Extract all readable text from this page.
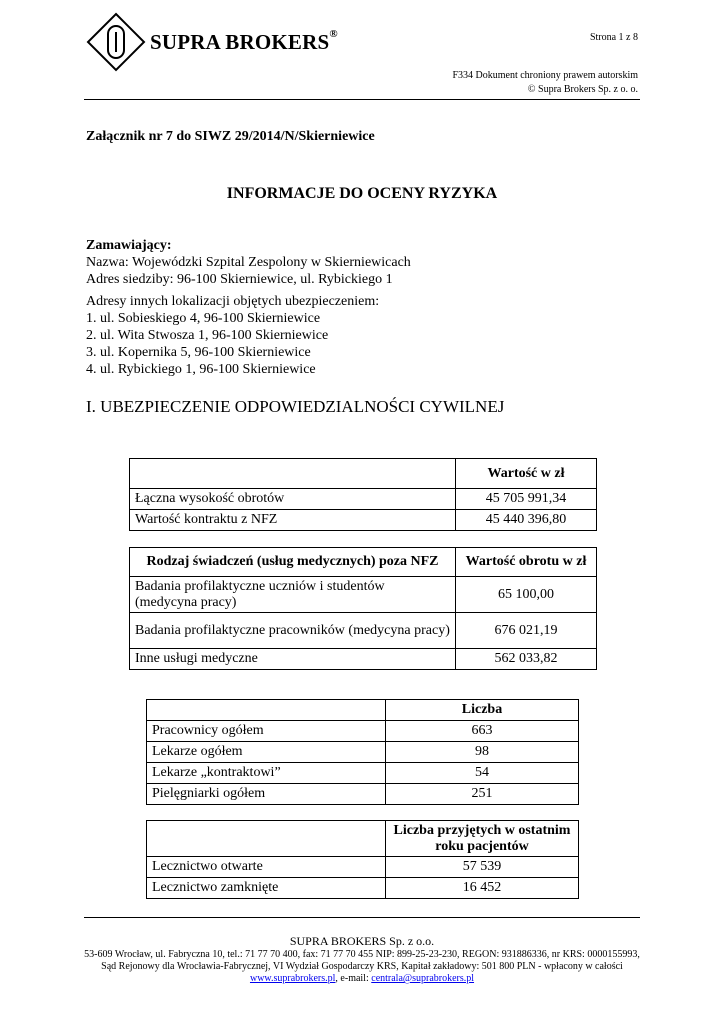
SUPRA BROKERS®	Strona 1 z 8
F334 Dokument chroniony prawem autorskim
© Supra Brokers Sp. z o. o.
Załącznik nr 7 do SIWZ 29/2014/N/Skierniewice
INFORMACJE DO OCENY RYZYKA
Zamawiający:
Nazwa: Wojewódzki Szpital Zespolony w Skierniewicach
Adres siedziby: 96-100 Skierniewice, ul. Rybickiego 1
Adresy innych lokalizacji objętych ubezpieczeniem:
1. ul. Sobieskiego 4, 96-100 Skierniewice
2. ul. Wita Stwosza 1, 96-100 Skierniewice
3. ul. Kopernika 5, 96-100 Skierniewice
4. ul. Rybickiego 1, 96-100 Skierniewice
I. UBEZPIECZENIE ODPOWIEDZIALNOŚCI CYWILNEJ
	Wartość w zł
Łączna wysokość obrotów	45 705 991,34
Wartość kontraktu z NFZ	45 440 396,80
Rodzaj świadczeń (usług medycznych) poza NFZ	Wartość obrotu w zł
Badania profilaktyczne uczniów i studentów (medycyna pracy)	65 100,00
Badania profilaktyczne pracowników (medycyna pracy)	676 021,19
Inne usługi medyczne	562 033,82
	Liczba
Pracownicy ogółem	663
Lekarze ogółem	98
Lekarze „kontraktowi”	54
Pielęgniarki ogółem	251
	Liczba przyjętych w ostatnim roku pacjentów
Lecznictwo otwarte	57 539
Lecznictwo zamknięte	16 452
SUPRA BROKERS Sp. z o.o.
53-609 Wrocław, ul. Fabryczna 10, tel.: 71 77 70 400, fax: 71 77 70 455 NIP: 899-25-23-230, REGON: 931886336, nr KRS: 0000155993,
Sąd Rejonowy dla Wrocławia-Fabrycznej, VI Wydział Gospodarczy KRS, Kapitał zakładowy: 501 800 PLN - wpłacony w całości
www.suprabrokers.pl, e-mail: centrala@suprabrokers.pl
